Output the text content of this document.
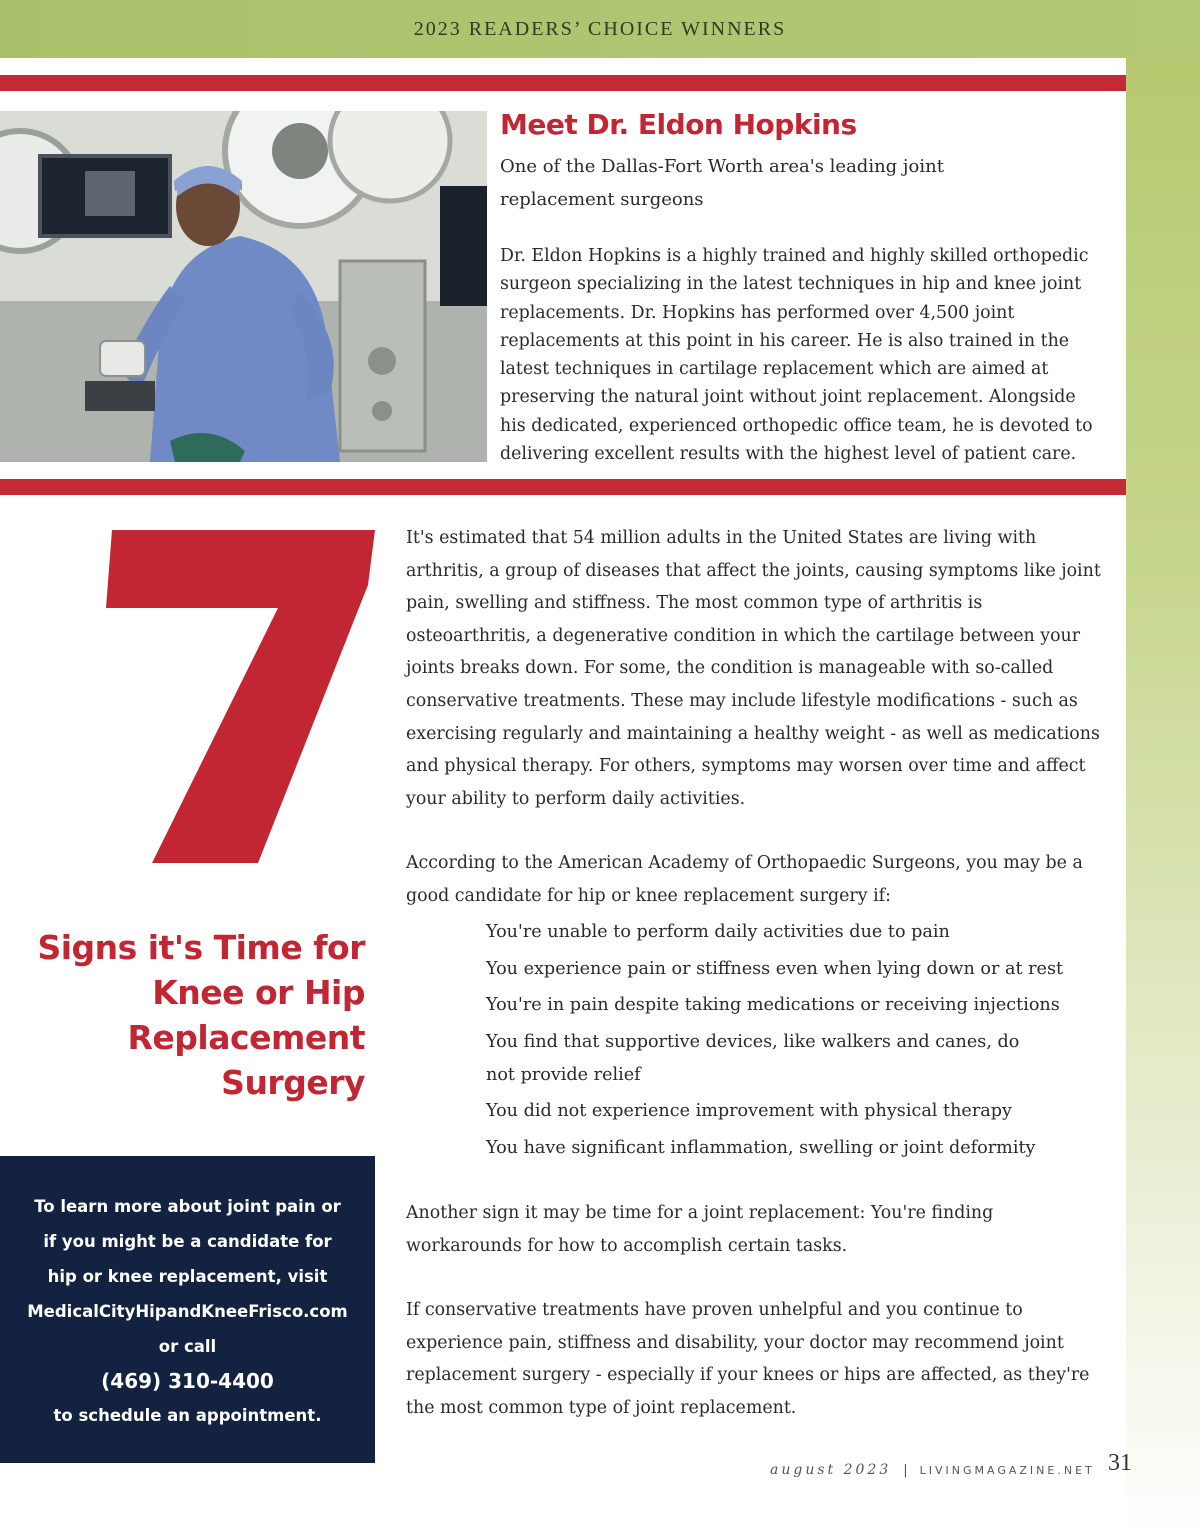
2023 READERS’ CHOICE WINNERS
Meet Dr. Eldon Hopkins

One of the Dallas-Fort Worth area's leading joint replacement surgeons

Dr. Eldon Hopkins is a highly trained and highly skilled orthopedic surgeon specializing in the latest techniques in hip and knee joint replacements. Dr. Hopkins has performed over 4,500 joint replacements at this point in his career. He is also trained in the latest techniques in cartilage replacement which are aimed at preserving the natural joint without joint replacement. Alongside his dedicated, experienced orthopedic office team, he is devoted to delivering excellent results with the highest level of patient care.

Signs it's Time for Knee or Hip Replacement Surgery
To learn more about joint pain or
if you might be a candidate for
hip or knee replacement, visit
MedicalCityHipandKneeFrisco.com
or call
(469) 310-4400
to schedule an appointment.

It's estimated that 54 million adults in the United States are living with arthritis, a group of diseases that affect the joints, causing symptoms like joint pain, swelling and stiffness. The most common type of arthritis is osteoarthritis, a degenerative condition in which the cartilage between your joints breaks down. For some, the condition is manageable with so-called conservative treatments. These may include lifestyle modifications - such as exercising regularly and maintaining a healthy weight - as well as medications and physical therapy. For others, symptoms may worsen over time and affect your ability to perform daily activities.

According to the American Academy of Orthopaedic Surgeons, you may be a good candidate for hip or knee replacement surgery if:

You're unable to perform daily activities due to pain
You experience pain or stiffness even when lying down or at rest
You're in pain despite taking medications or receiving injections
You find that supportive devices, like walkers and canes, do not provide relief
You did not experience improvement with physical therapy
You have significant inflammation, swelling or joint deformity

Another sign it may be time for a joint replacement: You're finding workarounds for how to accomplish certain tasks.

If conservative treatments have proven unhelpful and you continue to experience pain, stiffness and disability, your doctor may recommend joint replacement surgery - especially if your knees or hips are affected, as they're the most common type of joint replacement.

august 2023 | LIVINGMAGAZINE.NET 31
